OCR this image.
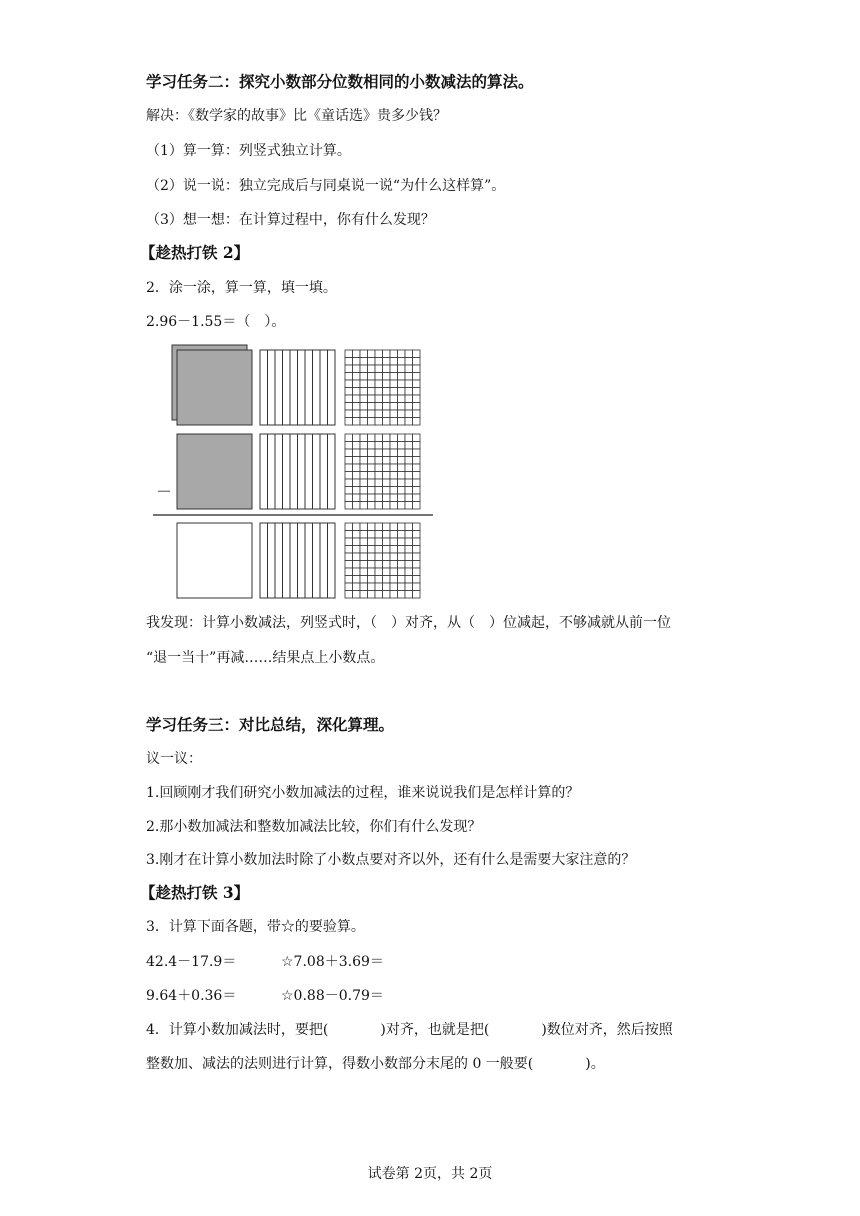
学习任务二：探究小数部分位数相同的小数减法的算法。
解决：《数学家的故事》比《童话选》贵多少钱？
（1）算一算：列竖式独立计算。
（2）说一说：独立完成后与同桌说一说“为什么这样算”。
（3）想一想：在计算过程中，你有什么发现？
【趁热打铁 2】
2．涂一涂，算一算，填一填。
2.96－1.55＝（ ）。
－
我发现：计算小数减法，列竖式时，（ ）对齐，从（ ）位减起，不够减就从前一位
“退一当十”再减……结果点上小数点。
学习任务三：对比总结，深化算理。
议一议：
1.回顾刚才我们研究小数加减法的过程，谁来说说我们是怎样计算的？
2.那小数加减法和整数加减法比较，你们有什么发现？
3.刚才在计算小数加法时除了小数点要对齐以外，还有什么是需要大家注意的？
【趁热打铁 3】
3．计算下面各题，带☆的要验算。
42.4－17.9＝	☆7.08＋3.69＝
9.64＋0.36＝	☆0.88－0.79＝
4．计算小数加减法时，要把(	)对齐，也就是把(	)数位对齐，然后按照
整数加、减法的法则进行计算，得数小数部分末尾的 0 一般要(	)。
试卷第 2页，共 2页
